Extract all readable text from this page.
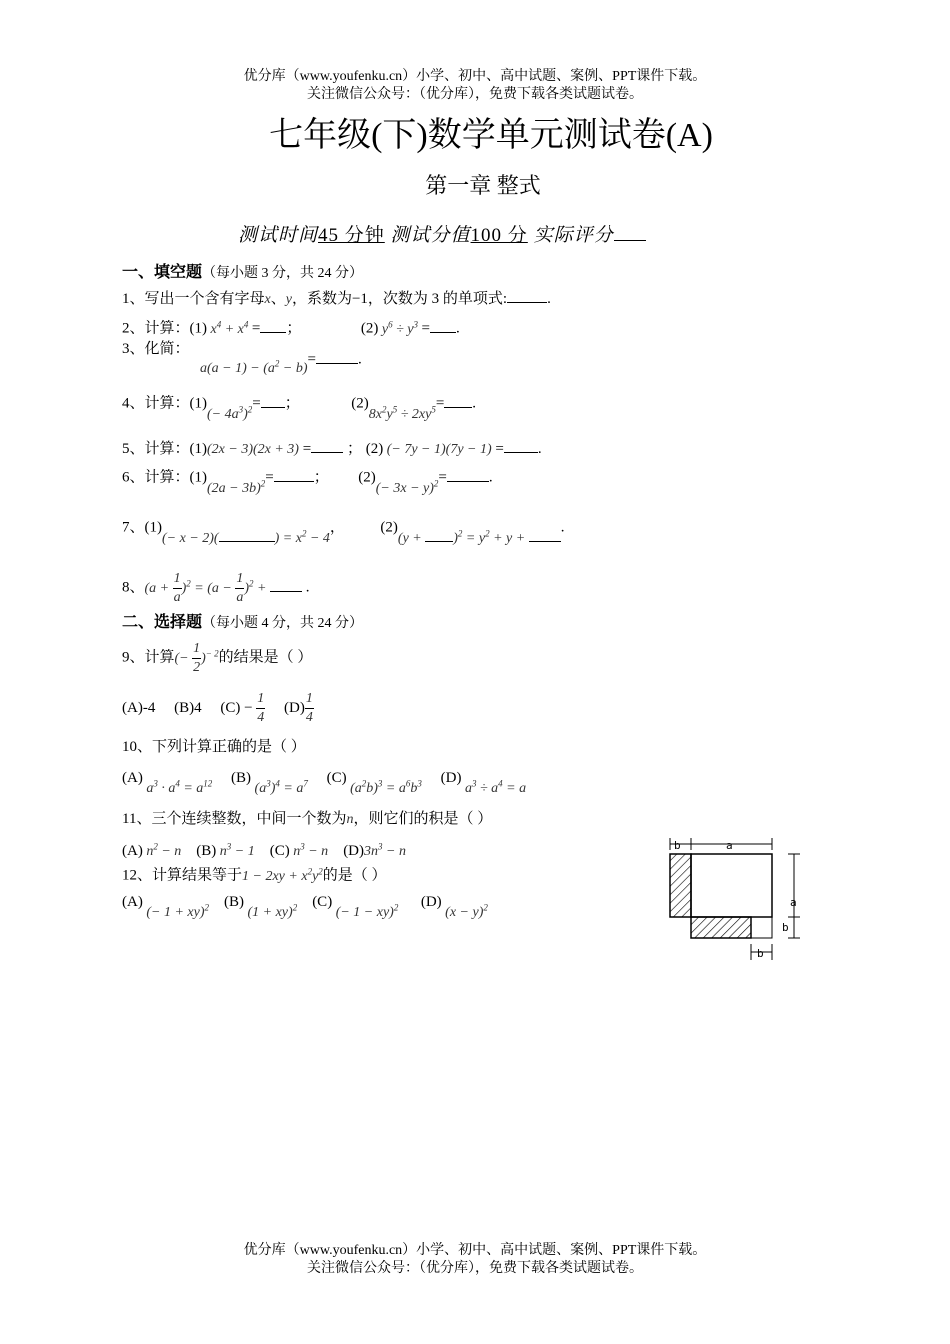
优分库（www.youfenku.cn）小学、初中、高中试题、案例、PPT课件下载。
关注微信公众号：（优分库），免费下载各类试题试卷。
七年级(下)数学单元测试卷(A)
第一章 整式
测试时间45 分钟 测试分值100 分 实际评分
一、填空题（每小题 3 分，共 24 分）
1、写出一个含有字母x、y，系数为−1，次数为 3 的单项式:	.
2、计算：(1) $x^4 + x^4$ = ；	(2) $y^6 \div y^3$ = .
3、化简：
$a(a - 1) - (a^2 - b)=$	.
4、计算：$(1)(- 4a^3)^2=$ ；	$(2)8x^2y^5 \div 2xy^5=$ .
5、计算：(1)(2x − 3)(2x + 3) = ； (2) (− 7y − 1)(7y − 1) = .
6、计算：$(1)(2a - 3b)^2=$	；  $(2)(- 3x - y)^2=$	.
7、(1)(− x − 2)(	) = $x^2 - 4$，  $(2)(y + )^2 = y^2 + y$ + .
8、$(a + \frac{1}{a} )^2 = (a - \frac{1}{a} )^2$ +  .
二、选择题（每小题 4 分，共 24 分）
9、计算(− $\frac{1}{2} )^{- 2}$的结果是（ ）
(A)-4 (B)4 $(C) - \frac{1}{4} (D) \frac{1}{4}$
10、下列计算正确的是（ ）
(A) $a^3 \cdot a^4 = a^{12}$ (B) $(a^3)^4 = a^7$ (C) $(a^2b)^3 = a^6b^3$ (D) $a^3 \div a^4 = a$
11、三个连续整数，中间一个数为n，则它们的积是（ ）
(A) $n^2 - n$ (B) $n^3 - 1$ (C) $n^3 - n$ $(D)3n^3 - n$
12、计算结果等于$1 - 2xy + x^2y^2$的是（ ）
(A) (− 1 + xy)$^2$ (B) (1 + xy)$^2$ (C) (− 1 − xy)$^2$ (D) $(x - y)^2$
b	a
a
b
b
优分库（www.youfenku.cn）小学、初中、高中试题、案例、PPT课件下载。
关注微信公众号：（优分库），免费下载各类试题试卷。
